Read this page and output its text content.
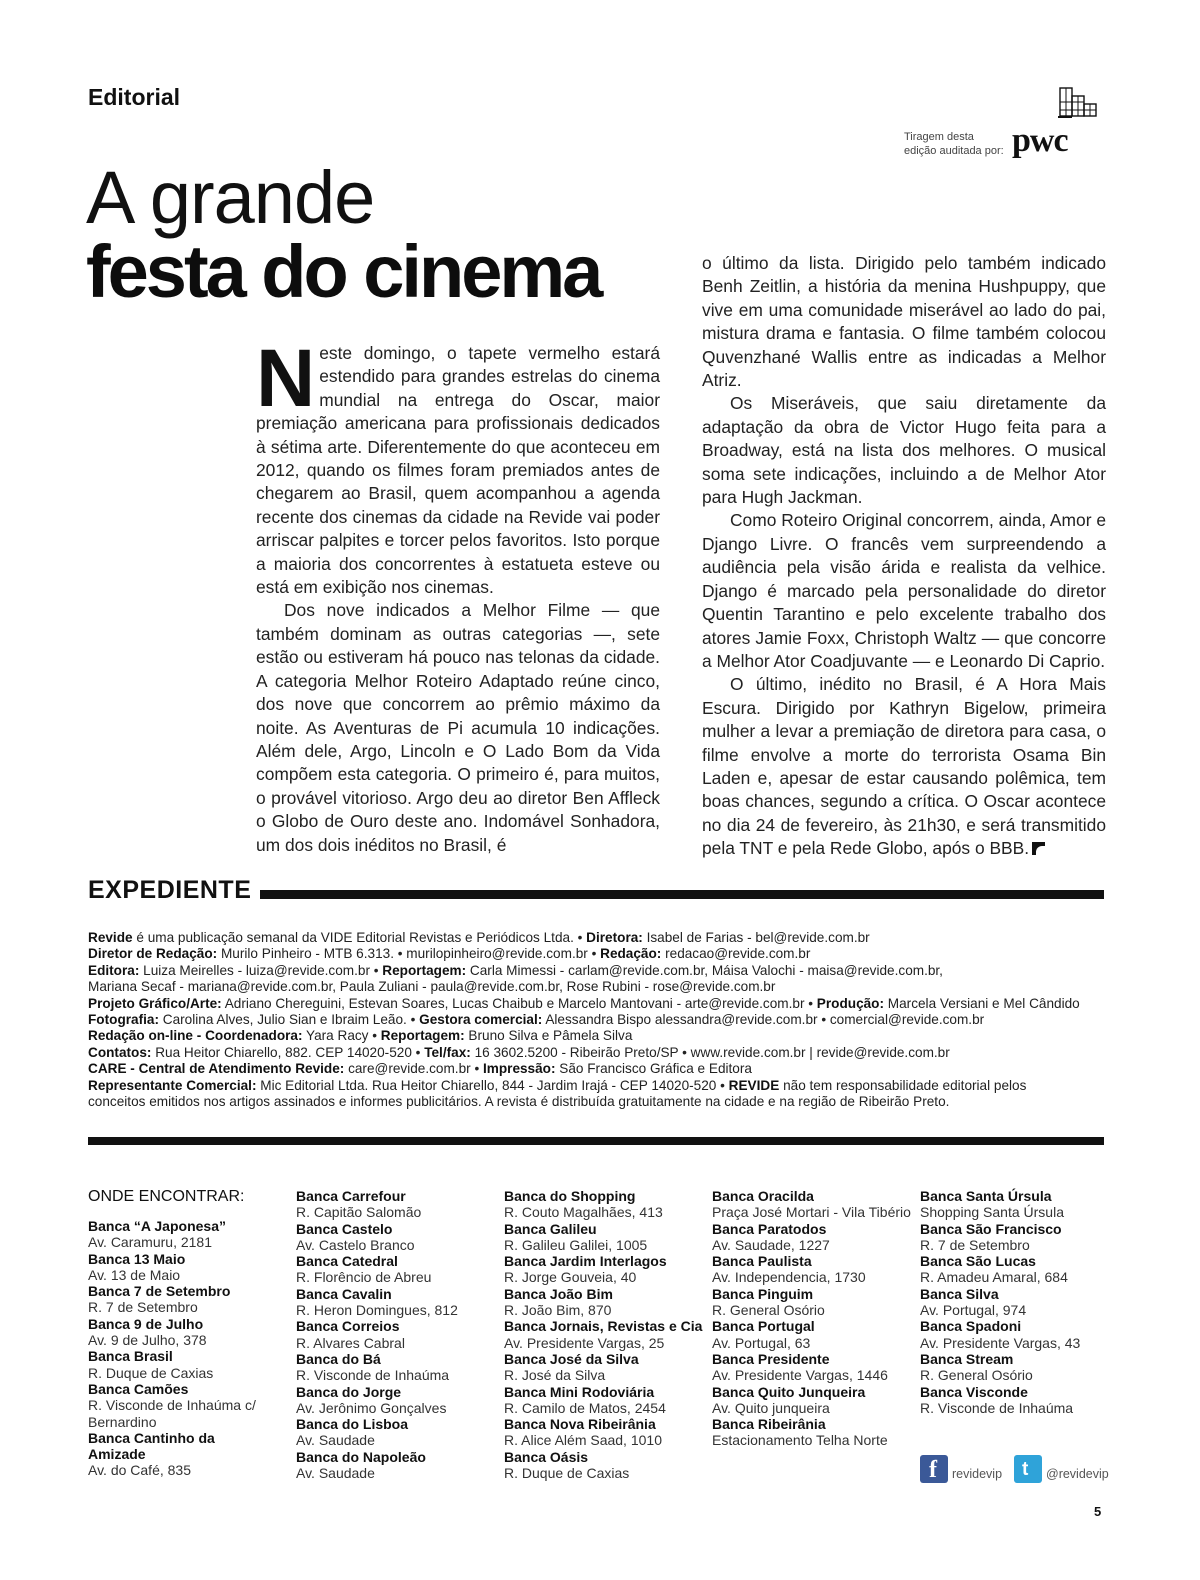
Editorial
Tiragem desta
edição auditada por: pwc
A grande
festa do cinema

Neste domingo, o tapete vermelho estará estendido para grandes estrelas do cinema mundial na entrega do Oscar, maior premiação americana para profissionais dedicados à sétima arte. Diferentemente do que aconteceu em 2012, quando os filmes foram premiados antes de chegarem ao Brasil, quem acompanhou a agenda recente dos cinemas da cidade na Revide vai poder arriscar palpites e torcer pelos favoritos. Isto porque a maioria dos concorrentes à estatueta esteve ou está em exibição nos cinemas.

Dos nove indicados a Melhor Filme — que também dominam as outras categorias —, sete estão ou estiveram há pouco nas telonas da cidade. A categoria Melhor Roteiro Adaptado reúne cinco, dos nove que concorrem ao prêmio máximo da noite. As Aventuras de Pi acumula 10 indicações. Além dele, Argo, Lincoln e O Lado Bom da Vida compõem esta categoria. O primeiro é, para muitos, o provável vitorioso. Argo deu ao diretor Ben Affleck o Globo de Ouro deste ano. Indomável Sonhadora, um dos dois inéditos no Brasil, é

o último da lista. Dirigido pelo também indicado Benh Zeitlin, a história da menina Hushpuppy, que vive em uma comunidade miserável ao lado do pai, mistura drama e fantasia. O filme também colocou Quvenzhané Wallis entre as indicadas a Melhor Atriz.

Os Miseráveis, que saiu diretamente da adaptação da obra de Victor Hugo feita para a Broadway, está na lista dos melhores. O musical soma sete indicações, incluindo a de Melhor Ator para Hugh Jackman.

Como Roteiro Original concorrem, ainda, Amor e Django Livre. O francês vem surpreendendo a audiência pela visão árida e realista da velhice. Django é marcado pela personalidade do diretor Quentin Tarantino e pelo excelente trabalho dos atores Jamie Foxx, Christoph Waltz — que concorre a Melhor Ator Coadjuvante — e Leonardo Di Caprio.

O último, inédito no Brasil, é A Hora Mais Escura. Dirigido por Kathryn Bigelow, primeira mulher a levar a premiação de diretora para casa, o filme envolve a morte do terrorista Osama Bin Laden e, apesar de estar causando polêmica, tem boas chances, segundo a crítica. O Oscar acontece no dia 24 de fevereiro, às 21h30, e será transmitido pela TNT e pela Rede Globo, após o BBB.

EXPEDIENTE
Revide é uma publicação semanal da VIDE Editorial Revistas e Periódicos Ltda. • Diretora: Isabel de Farias - bel@revide.com.br
Diretor de Redação: Murilo Pinheiro - MTB 6.313. • murilopinheiro@revide.com.br • Redação: redacao@revide.com.br
Editora: Luiza Meirelles - luiza@revide.com.br • Reportagem: Carla Mimessi - carlam@revide.com.br, Máisa Valochi - maisa@revide.com.br,
Mariana Secaf - mariana@revide.com.br, Paula Zuliani - paula@revide.com.br, Rose Rubini - rose@revide.com.br
Projeto Gráfico/Arte: Adriano Chereguini, Estevan Soares, Lucas Chaibub e Marcelo Mantovani - arte@revide.com.br • Produção: Marcela Versiani e Mel Cândido
Fotografia: Carolina Alves, Julio Sian e Ibraim Leão. • Gestora comercial: Alessandra Bispo alessandra@revide.com.br • comercial@revide.com.br
Redação on-line - Coordenadora: Yara Racy • Reportagem: Bruno Silva e Pâmela Silva
Contatos: Rua Heitor Chiarello, 882. CEP 14020-520 • Tel/fax: 16 3602.5200 - Ribeirão Preto/SP • www.revide.com.br | revide@revide.com.br
CARE - Central de Atendimento Revide: care@revide.com.br • Impressão: São Francisco Gráfica e Editora
Representante Comercial: Mic Editorial Ltda. Rua Heitor Chiarello, 844 - Jardim Irajá - CEP 14020-520 • REVIDE não tem responsabilidade editorial pelos
conceitos emitidos nos artigos assinados e informes publicitários. A revista é distribuída gratuitamente na cidade e na região de Ribeirão Preto.
ONDE ENCONTRAR:
Banca “A Japonesa”
Av. Caramuru, 2181
Banca 13 Maio
Av. 13 de Maio
Banca 7 de Setembro
R. 7 de Setembro
Banca 9 de Julho
Av. 9 de Julho, 378
Banca Brasil
R. Duque de Caxias
Banca Camões
R. Visconde de Inhaúma c/ Bernardino
Banca Cantinho da Amizade
Av. do Café, 835
Banca Carrefour
R. Capitão Salomão
Banca Castelo
Av. Castelo Branco
Banca Catedral
R. Florêncio de Abreu
Banca Cavalin
R. Heron Domingues, 812
Banca Correios
R. Alvares Cabral
Banca do Bá
R. Visconde de Inhaúma
Banca do Jorge
Av. Jerônimo Gonçalves
Banca do Lisboa
Av. Saudade
Banca do Napoleão
Av. Saudade
Banca do Shopping
R. Couto Magalhães, 413
Banca Galileu
R. Galileu Galilei, 1005
Banca Jardim Interlagos
R. Jorge Gouveia, 40
Banca João Bim
R. João Bim, 870
Banca Jornais, Revistas e Cia
Av. Presidente Vargas, 25
Banca José da Silva
R. José da Silva
Banca Mini Rodoviária
R. Camilo de Matos, 2454
Banca Nova Ribeirânia
R. Alice Além Saad, 1010
Banca Oásis
R. Duque de Caxias
Banca Oracilda
Praça José Mortari - Vila Tibério
Banca Paratodos
Av. Saudade, 1227
Banca Paulista
Av. Independencia, 1730
Banca Pinguim
R. General Osório
Banca Portugal
Av. Portugal, 63
Banca Presidente
Av. Presidente Vargas, 1446
Banca Quito Junqueira
Av. Quito junqueira
Banca Ribeirânia
Estacionamento Telha Norte
Banca Santa Úrsula
Shopping Santa Úrsula
Banca São Francisco
R. 7 de Setembro
Banca São Lucas
R. Amadeu Amaral, 684
Banca Silva
Av. Portugal, 974
Banca Spadoni
Av. Presidente Vargas, 43
Banca Stream
R. General Osório
Banca Visconde
R. Visconde de Inhaúma
f revidevip t @revidevip
5
